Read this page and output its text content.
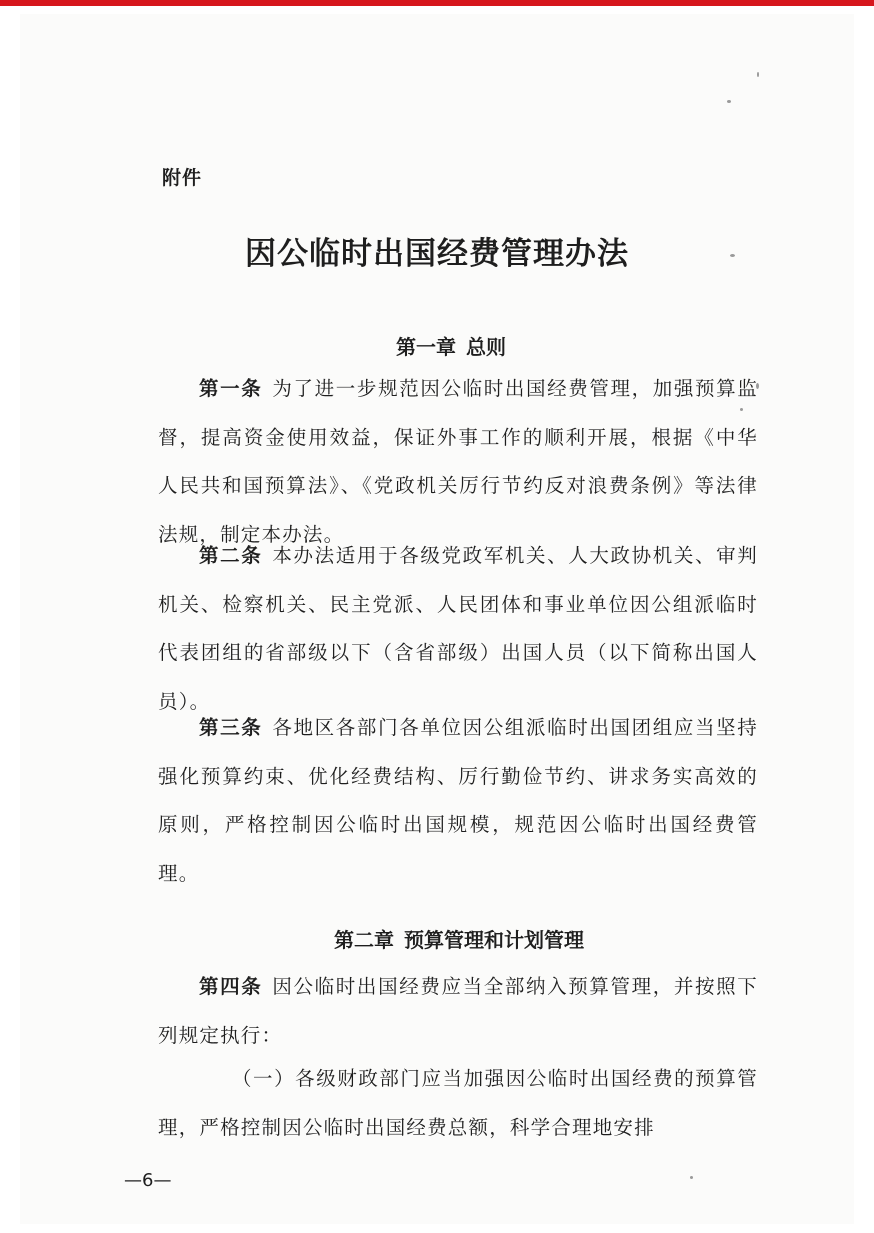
附件
因公临时出国经费管理办法
第一章 总则
第一条 为了进一步规范因公临时出国经费管理，加强预算监督，提高资金使用效益，保证外事工作的顺利开展，根据《中华人民共和国预算法》、《党政机关厉行节约反对浪费条例》等法律法规，制定本办法。
第二条 本办法适用于各级党政军机关、人大政协机关、审判机关、检察机关、民主党派、人民团体和事业单位因公组派临时代表团组的省部级以下（含省部级）出国人员（以下简称出国人员）。
第三条 各地区各部门各单位因公组派临时出国团组应当坚持强化预算约束、优化经费结构、厉行勤俭节约、讲求务实高效的原则，严格控制因公临时出国规模，规范因公临时出国经费管理。
第二章 预算管理和计划管理
第四条 因公临时出国经费应当全部纳入预算管理，并按照下列规定执行：
（一）各级财政部门应当加强因公临时出国经费的预算管理，严格控制因公临时出国经费总额，科学合理地安排
—6—
